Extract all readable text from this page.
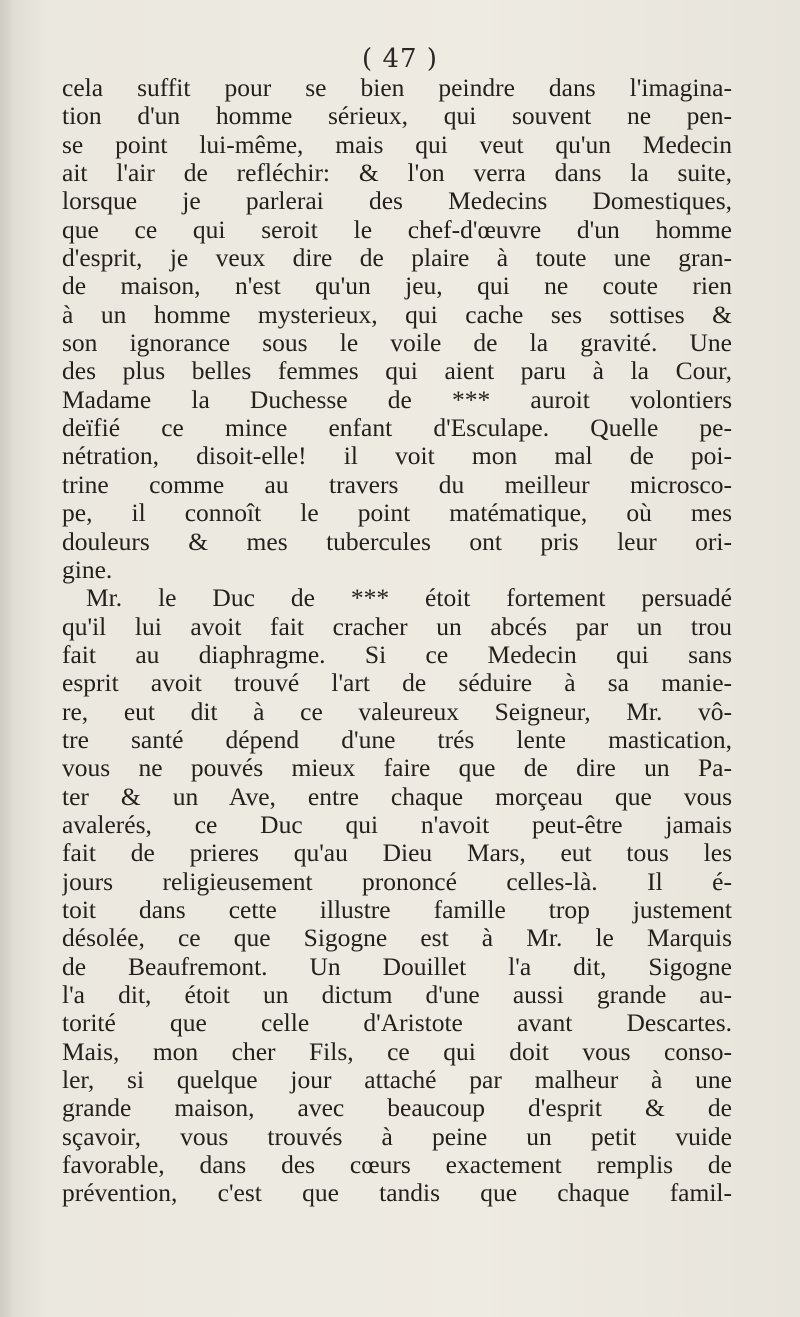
( 47 )
cela suffit pour se bien peindre dans l'imagina-
tion d'un homme sérieux, qui souvent ne pen-
se point lui-même, mais qui veut qu'un Medecin
ait l'air de refléchir: & l'on verra dans la suite,
lorsque je parlerai des Medecins Domestiques,
que ce qui seroit le chef-d'œuvre d'un homme
d'esprit, je veux dire de plaire à toute une gran-
de maison, n'est qu'un jeu, qui ne coute rien
à un homme mysterieux, qui cache ses sottises &
son ignorance sous le voile de la gravité. Une
des plus belles femmes qui aient paru à la Cour,
Madame la Duchesse de *** auroit volontiers
deïfié ce mince enfant d'Esculape. Quelle pe-
nétration, disoit-elle! il voit mon mal de poi-
trine comme au travers du meilleur microsco-
pe, il connoît le point matématique, où mes
douleurs & mes tubercules ont pris leur ori-
gine.
Mr. le Duc de *** étoit fortement persuadé
qu'il lui avoit fait cracher un abcés par un trou
fait au diaphragme. Si ce Medecin qui sans
esprit avoit trouvé l'art de séduire à sa manie-
re, eut dit à ce valeureux Seigneur, Mr. vô-
tre santé dépend d'une trés lente mastication,
vous ne pouvés mieux faire que de dire un Pa-
ter & un Ave, entre chaque morçeau que vous
avalerés, ce Duc qui n'avoit peut-être jamais
fait de prieres qu'au Dieu Mars, eut tous les
jours religieusement prononcé celles-là. Il é-
toit dans cette illustre famille trop justement
désolée, ce que Sigogne est à Mr. le Marquis
de Beaufremont. Un Douillet l'a dit, Sigogne
l'a dit, étoit un dictum d'une aussi grande au-
torité que celle d'Aristote avant Descartes.
Mais, mon cher Fils, ce qui doit vous conso-
ler, si quelque jour attaché par malheur à une
grande maison, avec beaucoup d'esprit & de
sçavoir, vous trouvés à peine un petit vuide
favorable, dans des cœurs exactement remplis de
prévention, c'est que tandis que chaque famil-
